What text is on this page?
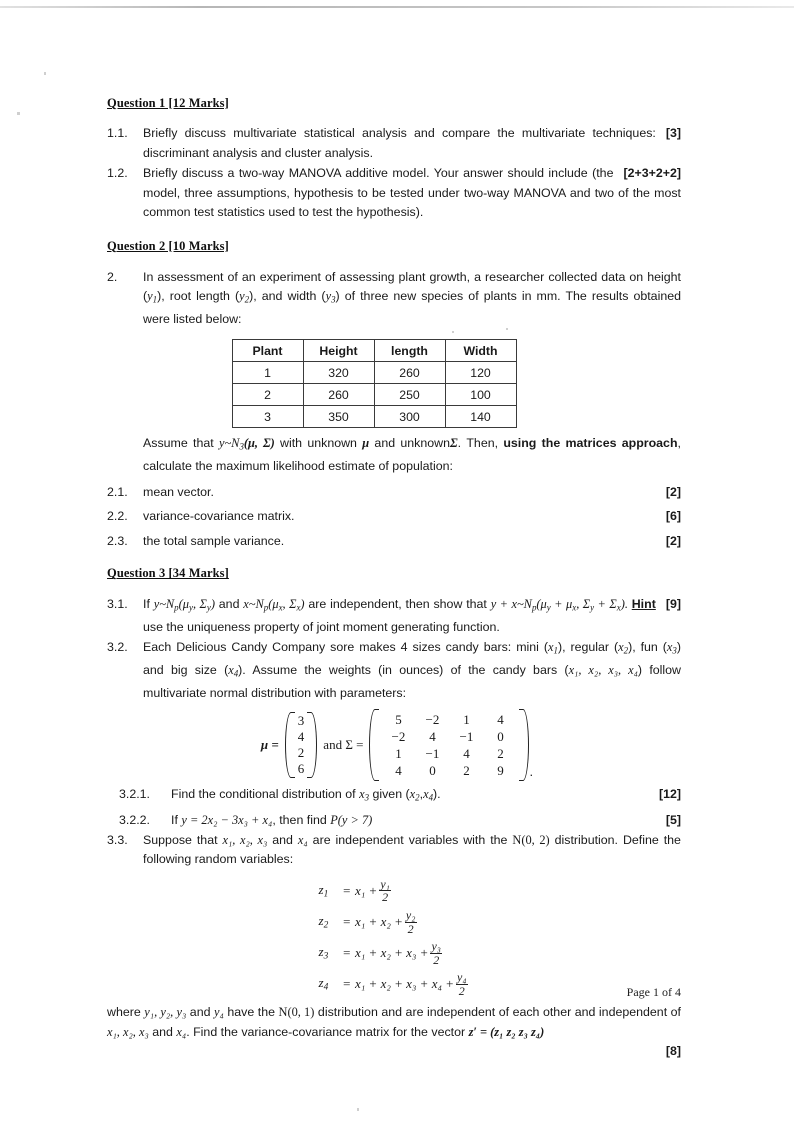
Question 1 [12 Marks]
1.1.	[3]
Briefly discuss multivariate statistical analysis and compare the multivariate techniques: discriminant analysis and cluster analysis.
1.2.	[2+3+2+2]
Briefly discuss a two-way MANOVA additive model. Your answer should include (the model, three assumptions, hypothesis to be tested under two-way MANOVA and two of the most common test statistics used to test the hypothesis).
Question 2 [10 Marks]
2.	In assessment of an experiment of assessing plant growth, a researcher collected data on height $(y_1)$, root length $(y_2)$, and width $(y_3)$ of three new species of plants in mm. The results obtained were listed below:
Plant	Height	length	Width
1	320	260	120
2	260	250	100
3	350	300	140
Assume that $y\sim N_3(\mu$, Σ) with unknown μ and unknownΣ. Then, using the matrices approach, calculate the maximum likelihood estimate of population:
2.1.	mean vector.	[2]
2.2.	variance-covariance matrix.	[6]
2.3.	the total sample variance.	[2]
Question 3 [34 Marks]
3.1.	[9]
If $y\sim N_p(\mu_y$, $\Sigma_y$) and $x\sim N_p(\mu_x$, $\Sigma_x$) are independent, then show that $y + x\sim N_p(\mu_y + \mu_x$, $\Sigma_y + \Sigma_x$). Hint use the uniqueness property of joint moment generating function.
3.2.	Each Delicious Candy Company sore makes 4 sizes candy bars: mini $(x_1)$, regular $(x_2)$, fun $(x_3)$ and big size $(x_4)$. Assume the weights (in ounces) of the candy bars (x₁, x₂, x₃, x₄) follow multivariate normal distribution with parameters:
μ =
3
4
2
6
and Σ =
5	−2	1	4
−2	4	−1	0
1	−1	4	2
4	0	2	9	.
3.2.1.	Find the conditional distribution of $x_3$ given $(x_2,x_4)$.	[12]
3.2.2.	If y = 2x₂ − 3x₃ + x₄, then find P(y > 7)	[5]
3.3.	Suppose that x₁, x₂, x₃ and x₄ are independent variables with the N(0, 2) distribution. Define the following random variables:
$z_1 = x_1 + \frac{\text{y₁}}{2}$
$z_2 = x_1 + x_2 + \frac{\text{y₂}}{2}$
$z_3 = x_1 + x_2 + x_3 + \frac{\text{y₃}}{2}$
$z_4 = x_1 + x_2 + x_3 + x_4 + \frac{\text{y₄}}{2}$
where y₁, y₂, y₃ and y₄ have the N(0, 1) distribution and are independent of each other and independent of x₁, x₂, x₃ and x₄. Find the variance-covariance matrix for the vector z′ = (z₁ z₂ z₃ z₄)
[8]
Page 1 of 4
